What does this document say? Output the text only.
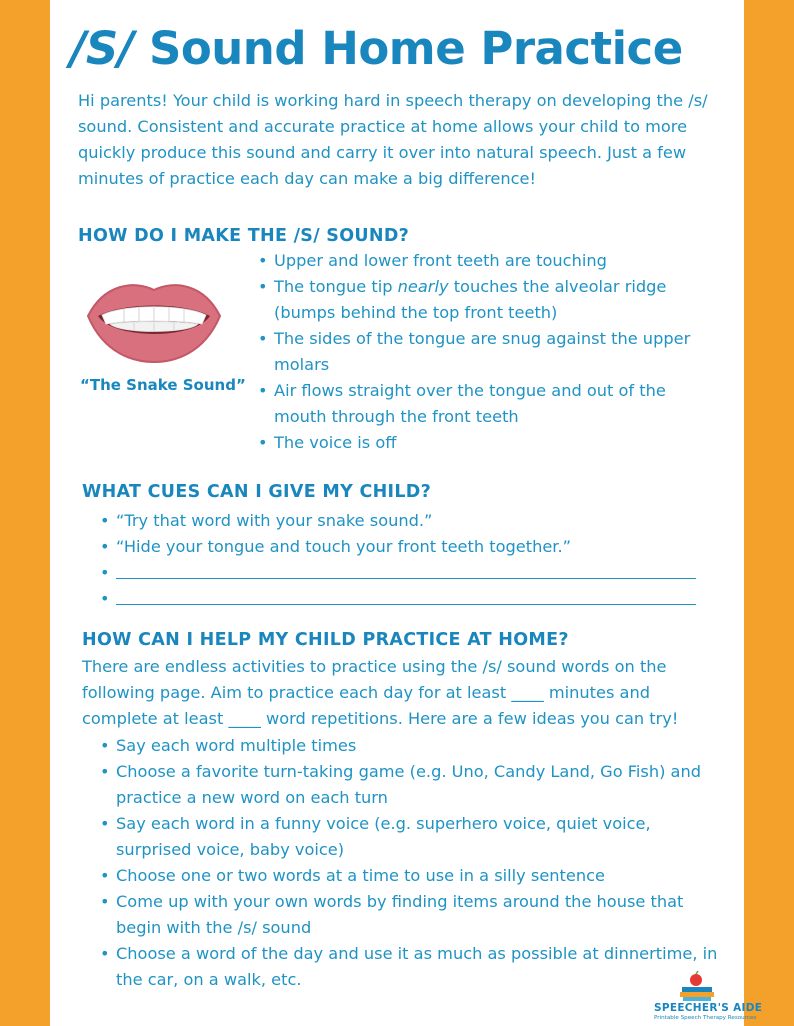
/S/ Sound Home Practice
Hi parents! Your child is working hard in speech therapy on developing the /s/ sound. Consistent and accurate practice at home allows your child to more quickly produce this sound and carry it over into natural speech. Just a few minutes of practice each day can make a big difference!
HOW DO I MAKE THE /S/ SOUND?
“The Snake Sound”
• Upper and lower front teeth are touching
• The tongue tip nearly touches the alveolar ridge (bumps behind the top front teeth)
• The sides of the tongue are snug against the upper molars
• Air flows straight over the tongue and out of the mouth through the front teeth
• The voice is off
WHAT CUES CAN I GIVE MY CHILD?
• “Try that word with your snake sound.”
• “Hide your tongue and touch your front teeth together.”
•
•
HOW CAN I HELP MY CHILD PRACTICE AT HOME?
There are endless activities to practice using the /s/ sound words on the following page. Aim to practice each day for at least ____ minutes and complete at least ____ word repetitions. Here are a few ideas you can try!
• Say each word multiple times
• Choose a favorite turn-taking game (e.g. Uno, Candy Land, Go Fish) and practice a new word on each turn
• Say each word in a funny voice (e.g. superhero voice, quiet voice, surprised voice, baby voice)
• Choose one or two words at a time to use in a silly sentence
• Come up with your own words by finding items around the house that begin with the /s/ sound
• Choose a word of the day and use it as much as possible at dinnertime, in the car, on a walk, etc.
SPEECHER'S AIDE
Printable Speech Therapy Resources
